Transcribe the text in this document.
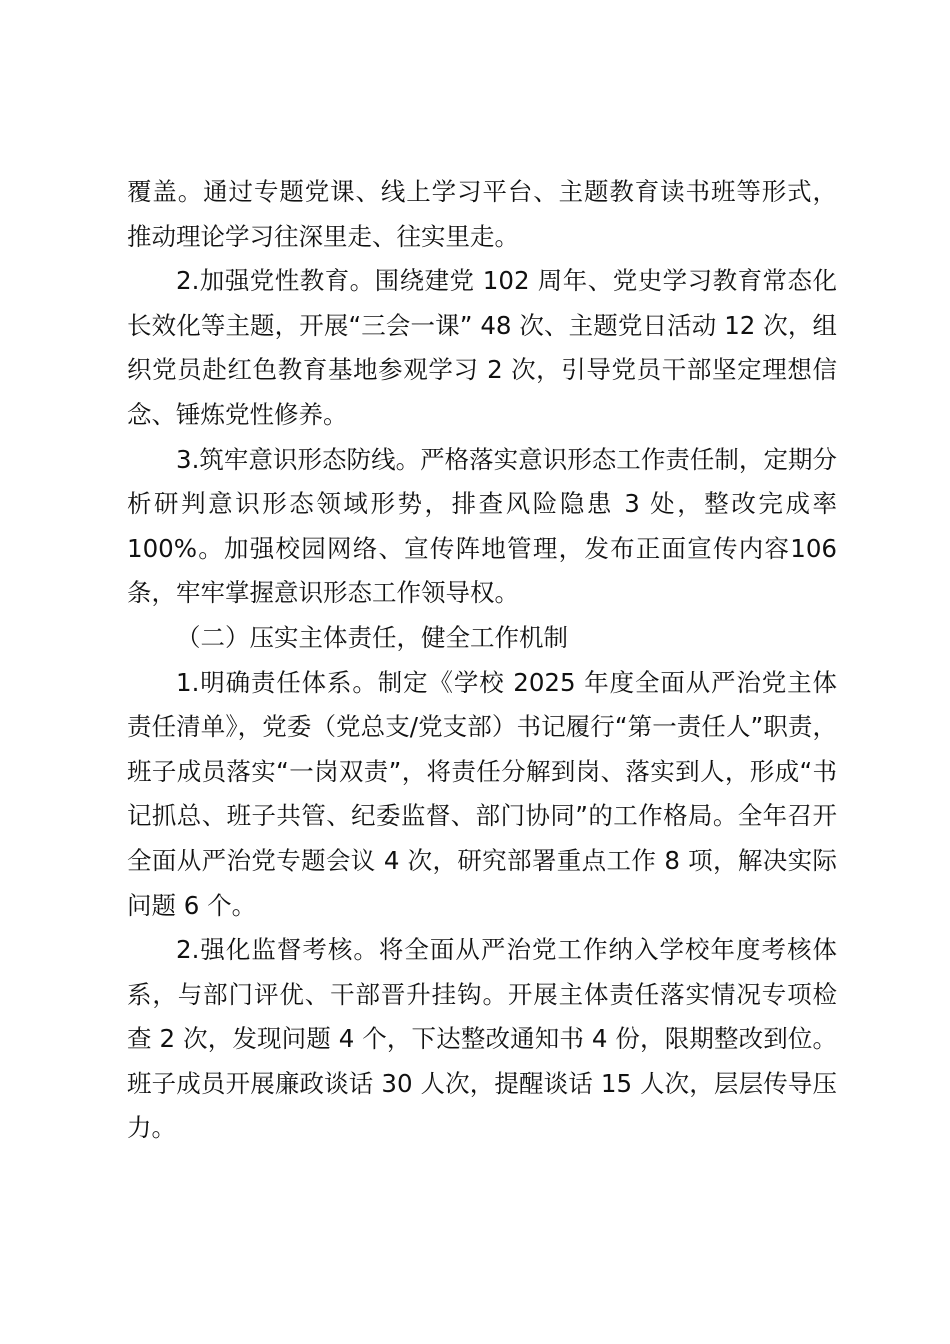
覆盖。通过专题党课、线上学习平台、主题教育读书班等形式，推动理论学习往深里走、往实里走。

2.加强党性教育。围绕建党 102 周年、党史学习教育常态化长效化等主题，开展“三会一课” 48 次、主题党日活动 12 次，组织党员赴红色教育基地参观学习 2 次，引导党员干部坚定理想信念、锤炼党性修养。

3.筑牢意识形态防线。严格落实意识形态工作责任制，定期分析研判意识形态领域形势，排查风险隐患 3 处，整改完成率 100%。加强校园网络、宣传阵地管理，发布正面宣传内容106 条，牢牢掌握意识形态工作领导权。

（二）压实主体责任，健全工作机制

1.明确责任体系。制定《学校 2025 年度全面从严治党主体责任清单》，党委（党总支/党支部）书记履行“第一责任人”职责，班子成员落实“一岗双责”，将责任分解到岗、落实到人，形成“书记抓总、班子共管、纪委监督、部门协同”的工作格局。全年召开全面从严治党专题会议 4 次，研究部署重点工作 8 项，解决实际问题 6 个。

2.强化监督考核。将全面从严治党工作纳入学校年度考核体系，与部门评优、干部晋升挂钩。开展主体责任落实情况专项检查 2 次，发现问题 4 个，下达整改通知书 4 份，限期整改到位。班子成员开展廉政谈话 30 人次，提醒谈话 15 人次，层层传导压力。
